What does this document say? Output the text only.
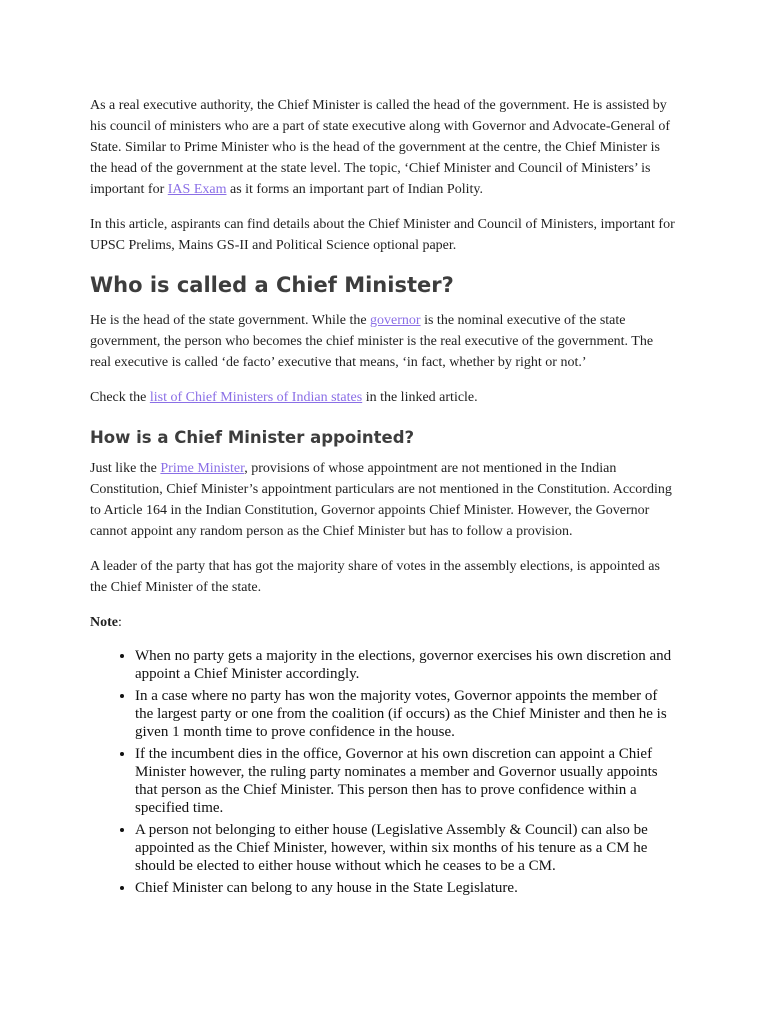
As a real executive authority, the Chief Minister is called the head of the government. He is assisted by his council of ministers who are a part of state executive along with Governor and Advocate-General of State. Similar to Prime Minister who is the head of the government at the centre, the Chief Minister is the head of the government at the state level. The topic, ‘Chief Minister and Council of Ministers’ is important for IAS Exam as it forms an important part of Indian Polity.

In this article, aspirants can find details about the Chief Minister and Council of Ministers, important for UPSC Prelims, Mains GS-II and Political Science optional paper.

Who is called a Chief Minister?

He is the head of the state government. While the governor is the nominal executive of the state government, the person who becomes the chief minister is the real executive of the government. The real executive is called ‘de facto’ executive that means, ‘in fact, whether by right or not.’

Check the list of Chief Ministers of Indian states in the linked article.

How is a Chief Minister appointed?

Just like the Prime Minister, provisions of whose appointment are not mentioned in the Indian Constitution, Chief Minister’s appointment particulars are not mentioned in the Constitution. According to Article 164 in the Indian Constitution, Governor appoints Chief Minister. However, the Governor cannot appoint any random person as the Chief Minister but has to follow a provision.

A leader of the party that has got the majority share of votes in the assembly elections, is appointed as the Chief Minister of the state.

Note:

• When no party gets a majority in the elections, governor exercises his own discretion and appoint a Chief Minister accordingly.
• In a case where no party has won the majority votes, Governor appoints the member of the largest party or one from the coalition (if occurs) as the Chief Minister and then he is given 1 month time to prove confidence in the house.
• If the incumbent dies in the office, Governor at his own discretion can appoint a Chief Minister however, the ruling party nominates a member and Governor usually appoints that person as the Chief Minister. This person then has to prove confidence within a specified time.
• A person not belonging to either house (Legislative Assembly & Council) can also be appointed as the Chief Minister, however, within six months of his tenure as a CM he should be elected to either house without which he ceases to be a CM.
• Chief Minister can belong to any house in the State Legislature.
